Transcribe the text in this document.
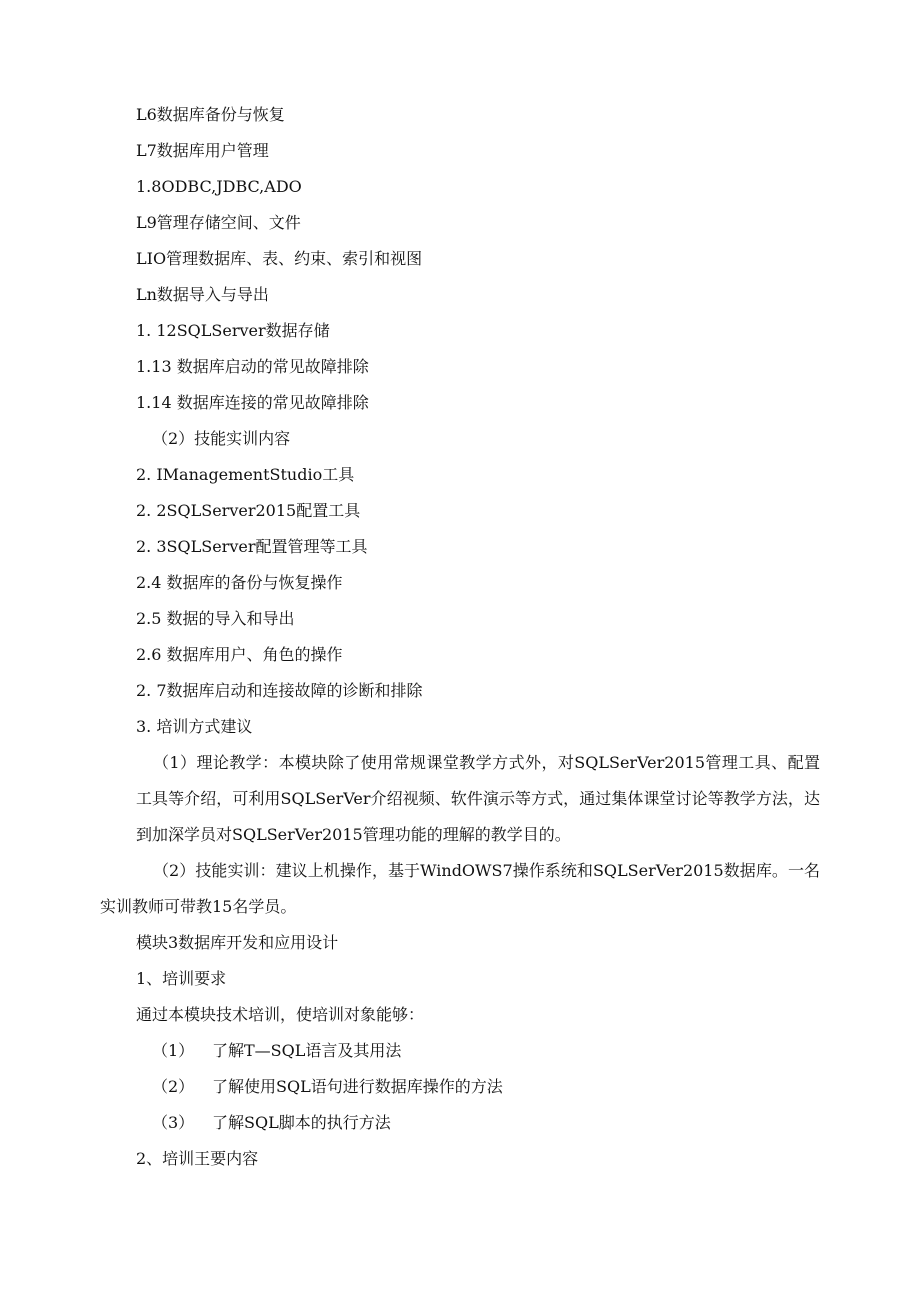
L6数据库备份与恢复
L7数据库用户管理
1.8ODBC,JDBC,ADO
L9管理存储空间、文件
LIO管理数据库、表、约束、索引和视图
Ln数据导入与导出
1. 12SQLServer数据存储
1.13 数据库启动的常见故障排除
1.14 数据库连接的常见故障排除
（2）技能实训内容
2. IManagementStudio工具
2. 2SQLServer2015配置工具
2. 3SQLServer配置管理等工具
2.4 数据库的备份与恢复操作
2.5 数据的导入和导出
2.6 数据库用户、角色的操作
2. 7数据库启动和连接故障的诊断和排除
3. 培训方式建议
（1）理论教学：本模块除了使用常规课堂教学方式外，对SQLSerVer2015管理工具、配置工具等介绍，可利用SQLSerVer介绍视频、软件演示等方式，通过集体课堂讨论等教学方法，达到加深学员对SQLSerVer2015管理功能的理解的教学目的。
（2）技能实训：建议上机操作，基于WindOWS7操作系统和SQLSerVer2015数据库。一名实训教师可带教15名学员。
模块3数据库开发和应用设计
1、培训要求
通过本模块技术培训，使培训对象能够：
（1） 了解T—SQL语言及其用法
（2） 了解使用SQL语句进行数据库操作的方法
（3） 了解SQL脚本的执行方法
2、培训王要内容
